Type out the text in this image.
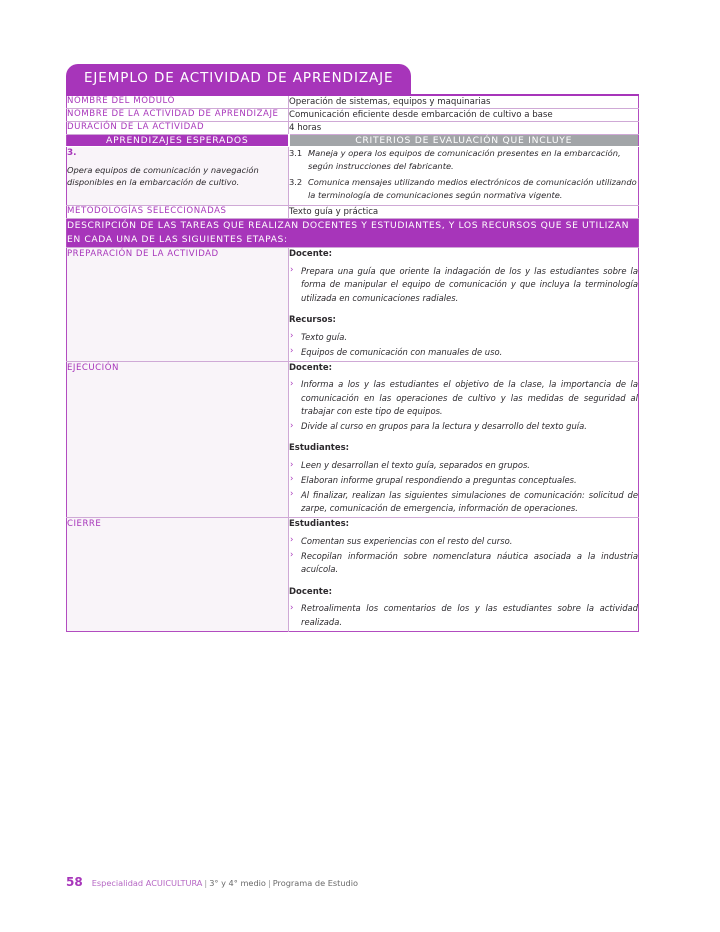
EJEMPLO DE ACTIVIDAD DE APRENDIZAJE
NOMBRE DEL MÓDULO	Operación de sistemas, equipos y maquinarias
NOMBRE DE LA ACTIVIDAD DE APRENDIZAJE	Comunicación eficiente desde embarcación de cultivo a base
DURACIÓN DE LA ACTIVIDAD	4 horas
APRENDIZAJES ESPERADOS	CRITERIOS DE EVALUACIÓN QUE INCLUYE

3.
Opera equipos de comunicación y navegación disponibles en la embarcación de cultivo.	
3.1 Maneja y opera los equipos de comunicación presentes en la embarcación, según instrucciones del fabricante.
3.2 Comunica mensajes utilizando medios electrónicos de comunicación utilizando la terminología de comunicaciones según normativa vigente.

METODOLOGÍAS SELECCIONADAS	Texto guía y práctica
DESCRIPCIÓN DE LAS TAREAS QUE REALIZAN DOCENTES Y ESTUDIANTES, Y LOS RECURSOS QUE SE UTILIZAN EN CADA UNA DE LAS SIGUIENTES ETAPAS:	
PREPARACIÓN DE LA ACTIVIDAD	Docente:

› Prepara una guía que oriente la indagación de los y las estudiantes sobre la forma de manipular el equipo de comunicación y que incluya la terminología utilizada en comunicaciones radiales.

Recursos:

› Texto guía.
› Equipos de comunicación con manuales de uso.

EJECUCIÓN	Docente:

› Informa a los y las estudiantes el objetivo de la clase, la importancia de la comunicación en las operaciones de cultivo y las medidas de seguridad al trabajar con este tipo de equipos.
› Divide al curso en grupos para la lectura y desarrollo del texto guía.

Estudiantes:

› Leen y desarrollan el texto guía, separados en grupos.
› Elaboran informe grupal respondiendo a preguntas conceptuales.
› Al finalizar, realizan las siguientes simulaciones de comunicación: solicitud de zarpe, comunicación de emergencia, información de operaciones.

CIERRE	Estudiantes:

› Comentan sus experiencias con el resto del curso.
› Recopilan información sobre nomenclatura náutica asociada a la industria acuícola.

Docente:

› Retroalimenta los comentarios de los y las estudiantes sobre la actividad realizada.
58 Especialidad ACUICULTURA | 3° y 4° medio | Programa de Estudio
